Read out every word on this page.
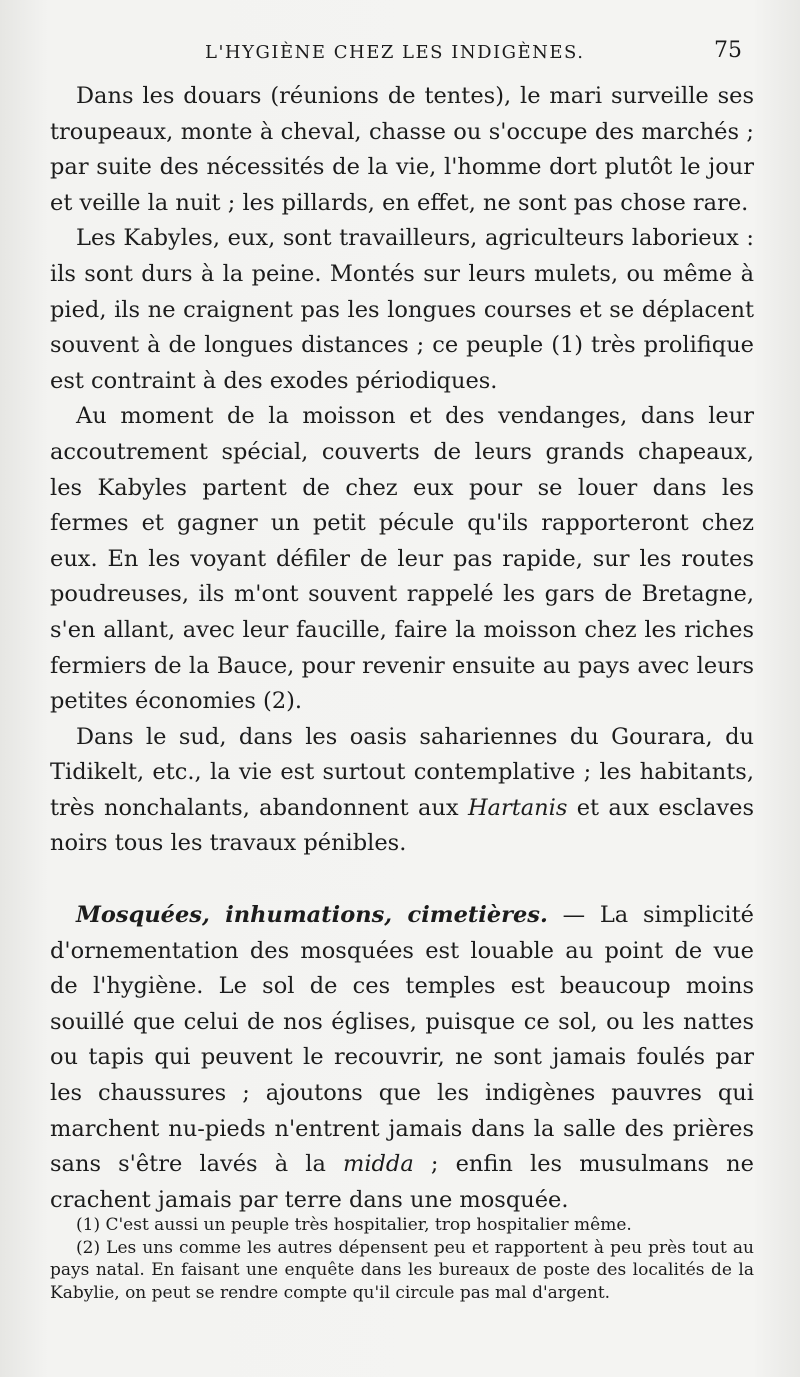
L'HYGIÈNE CHEZ LES INDIGÈNES.	75

Dans les douars (réunions de tentes), le mari surveille ses troupeaux, monte à cheval, chasse ou s'occupe des marchés ; par suite des nécessités de la vie, l'homme dort plutôt le jour et veille la nuit ; les pillards, en effet, ne sont pas chose rare.

Les Kabyles, eux, sont travailleurs, agriculteurs laborieux : ils sont durs à la peine. Montés sur leurs mulets, ou même à pied, ils ne craignent pas les longues courses et se déplacent souvent à de longues distances ; ce peuple (1) très prolifique est contraint à des exodes périodiques.

Au moment de la moisson et des vendanges, dans leur accoutrement spécial, couverts de leurs grands chapeaux, les Kabyles partent de chez eux pour se louer dans les fermes et gagner un petit pécule qu'ils rapporteront chez eux. En les voyant défiler de leur pas rapide, sur les routes poudreuses, ils m'ont souvent rappelé les gars de Bretagne, s'en allant, avec leur faucille, faire la moisson chez les riches fermiers de la Bauce, pour revenir ensuite au pays avec leurs petites économies (2).

Dans le sud, dans les oasis sahariennes du Gourara, du Tidikelt, etc., la vie est surtout contemplative ; les habitants, très nonchalants, abandonnent aux Hartanis et aux esclaves noirs tous les travaux pénibles.

Mosquées, inhumations, cimetières. — La simplicité d'ornementation des mosquées est louable au point de vue de l'hygiène. Le sol de ces temples est beaucoup moins souillé que celui de nos églises, puisque ce sol, ou les nattes ou tapis qui peuvent le recouvrir, ne sont jamais foulés par les chaussures ; ajoutons que les indigènes pauvres qui marchent nu-pieds n'entrent jamais dans la salle des prières sans s'être lavés à la midda ; enfin les musulmans ne crachent jamais par terre dans une mosquée.

(1) C'est aussi un peuple très hospitalier, trop hospitalier même.

(2) Les uns comme les autres dépensent peu et rapportent à peu près tout au pays natal. En faisant une enquête dans les bureaux de poste des localités de la Kabylie, on peut se rendre compte qu'il circule pas mal d'argent.
